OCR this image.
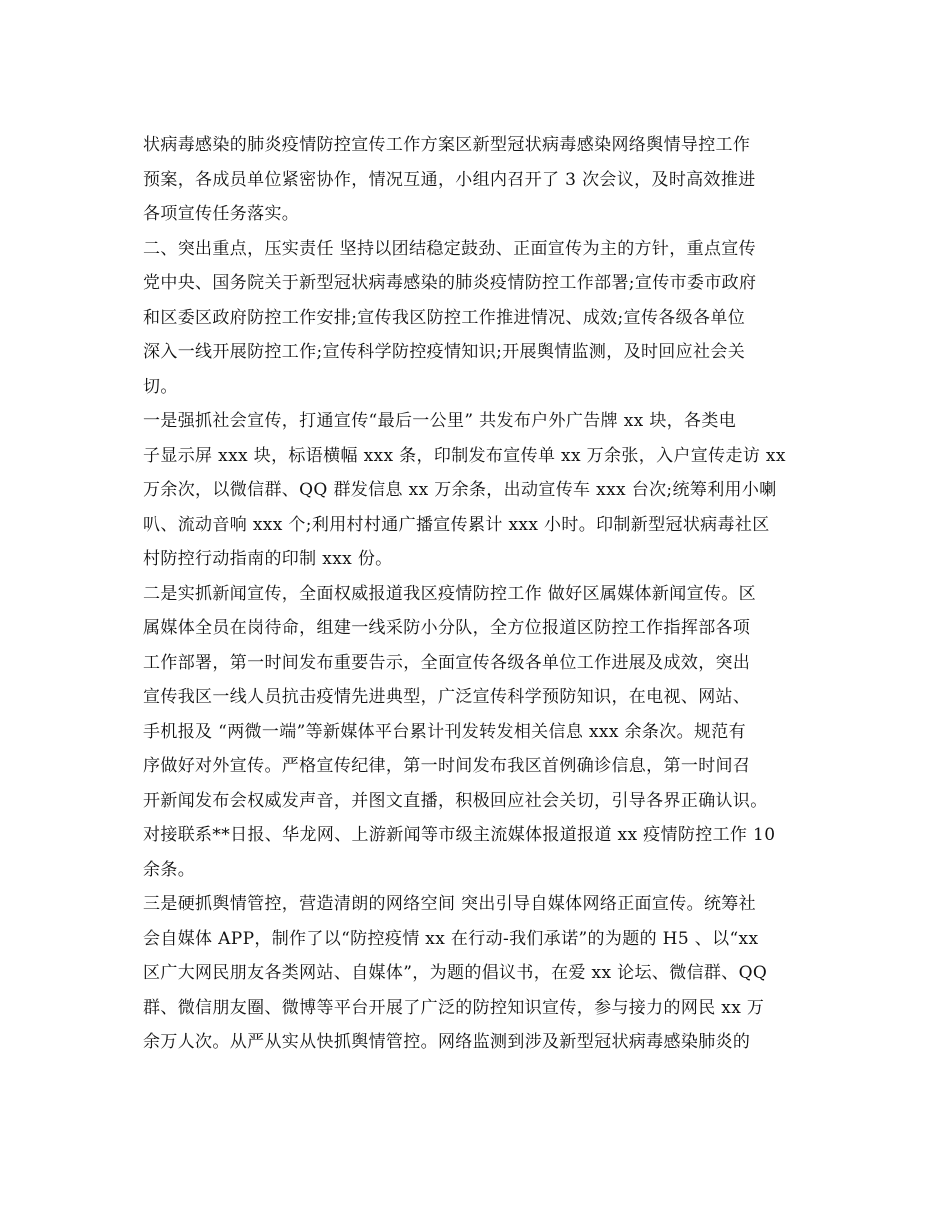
状病毒感染的肺炎疫情防控宣传工作方案区新型冠状病毒感染网络舆情导控工作
预案，各成员单位紧密协作，情况互通，小组内召开了 3 次会议，及时高效推进
各项宣传任务落实。
二、突出重点，压实责任 坚持以团结稳定鼓劲、正面宣传为主的方针，重点宣传
党中央、国务院关于新型冠状病毒感染的肺炎疫情防控工作部署;宣传市委市政府
和区委区政府防控工作安排;宣传我区防控工作推进情况、成效;宣传各级各单位
深入一线开展防控工作;宣传科学防控疫情知识;开展舆情监测，及时回应社会关
切。
一是强抓社会宣传，打通宣传“最后一公里” 共发布户外广告牌 xx 块，各类电
子显示屏 xxx 块，标语横幅 xxx 条，印制发布宣传单 xx 万余张，入户宣传走访 xx
万余次，以微信群、QQ 群发信息 xx 万余条，出动宣传车 xxx 台次;统筹利用小喇
叭、流动音响 xxx 个;利用村村通广播宣传累计 xxx 小时。印制新型冠状病毒社区
村防控行动指南的印制 xxx 份。
二是实抓新闻宣传，全面权威报道我区疫情防控工作 做好区属媒体新闻宣传。区
属媒体全员在岗待命，组建一线采防小分队，全方位报道区防控工作指挥部各项
工作部署，第一时间发布重要告示，全面宣传各级各单位工作进展及成效，突出
宣传我区一线人员抗击疫情先进典型，广泛宣传科学预防知识，在电视、网站、
手机报及 “两微一端”等新媒体平台累计刊发转发相关信息 xxx 余条次。规范有
序做好对外宣传。严格宣传纪律，第一时间发布我区首例确诊信息，第一时间召
开新闻发布会权威发声音，并图文直播，积极回应社会关切，引导各界正确认识。
对接联系**日报、华龙网、上游新闻等市级主流媒体报道报道 xx 疫情防控工作 10
余条。
三是硬抓舆情管控，营造清朗的网络空间 突出引导自媒体网络正面宣传。统筹社
会自媒体 APP，制作了以“防控疫情 xx 在行动-我们承诺”的为题的 H5 、以“xx
区广大网民朋友各类网站、自媒体”，为题的倡议书，在爱 xx 论坛、微信群、QQ
群、微信朋友圈、微博等平台开展了广泛的防控知识宣传，参与接力的网民 xx 万
余万人次。从严从实从快抓舆情管控。网络监测到涉及新型冠状病毒感染肺炎的
